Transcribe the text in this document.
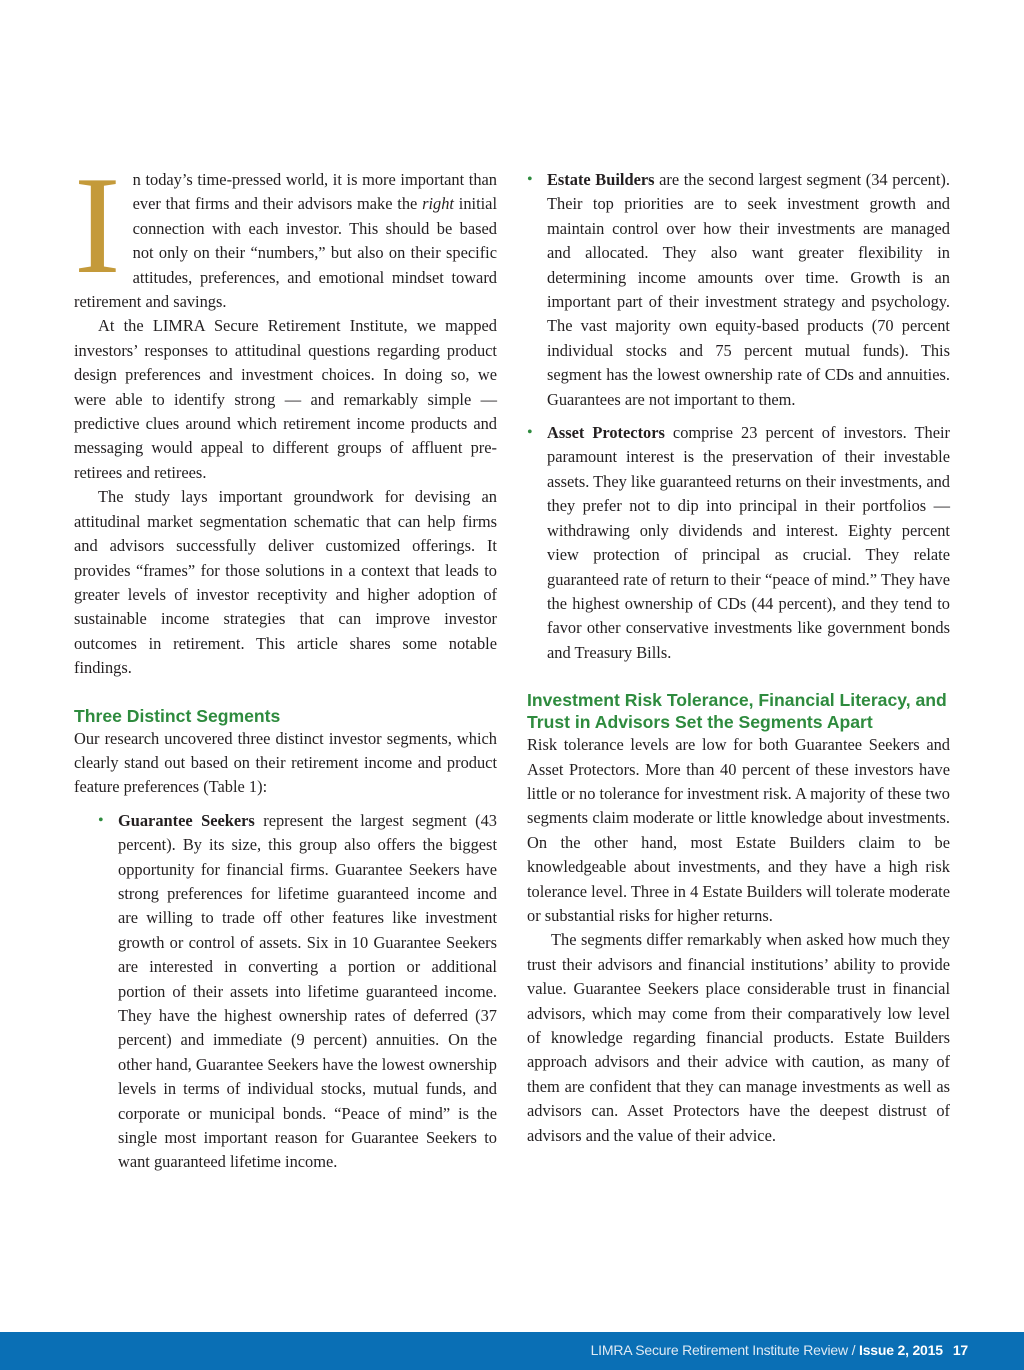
In today’s time-pressed world, it is more important than ever that firms and their advisors make the right initial connection with each investor. This should be based not only on their “numbers,” but also on their specific attitudes, preferences, and emotional mindset toward retirement and savings.

At the LIMRA Secure Retirement Institute, we mapped investors’ responses to attitudinal questions regarding product design preferences and investment choices. In doing so, we were able to identify strong — and remarkably simple — predictive clues around which retirement income products and messaging would appeal to different groups of affluent pre-retirees and retirees.

The study lays important groundwork for devising an attitudinal market segmentation schematic that can help firms and advisors successfully deliver customized offerings. It provides “frames” for those solutions in a context that leads to greater levels of investor receptivity and higher adoption of sustainable income strategies that can improve investor outcomes in retirement. This article shares some notable findings.

Three Distinct Segments

Our research uncovered three distinct investor segments, which clearly stand out based on their retirement income and product feature preferences (Table 1):

• Guarantee Seekers represent the largest segment (43 percent). By its size, this group also offers the biggest opportunity for financial firms. Guarantee Seekers have strong preferences for lifetime guaranteed income and are willing to trade off other features like investment growth or control of assets. Six in 10 Guarantee Seekers are interested in converting a portion or additional portion of their assets into lifetime guaranteed income. They have the highest ownership rates of deferred (37 percent) and immediate (9 percent) annuities. On the other hand, Guarantee Seekers have the lowest ownership levels in terms of individual stocks, mutual funds, and corporate or municipal bonds. “Peace of mind” is the single most important reason for Guarantee Seekers to want guaranteed lifetime income.

• Estate Builders are the second largest segment (34 percent). Their top priorities are to seek investment growth and maintain control over how their investments are managed and allocated. They also want greater flexibility in determining income amounts over time. Growth is an important part of their investment strategy and psychology. The vast majority own equity-based products (70 percent individual stocks and 75 percent mutual funds). This segment has the lowest ownership rate of CDs and annuities. Guarantees are not important to them.

• Asset Protectors comprise 23 percent of investors. Their paramount interest is the preservation of their investable assets. They like guaranteed returns on their investments, and they prefer not to dip into principal in their portfolios — withdrawing only dividends and interest. Eighty percent view protection of principal as crucial. They relate guaranteed rate of return to their “peace of mind.” They have the highest ownership of CDs (44 percent), and they tend to favor other conservative investments like government bonds and Treasury Bills.

Investment Risk Tolerance, Financial Literacy, and Trust in Advisors Set the Segments Apart

Risk tolerance levels are low for both Guarantee Seekers and Asset Protectors. More than 40 percent of these investors have little or no tolerance for investment risk. A majority of these two segments claim moderate or little knowledge about investments. On the other hand, most Estate Builders claim to be knowledgeable about investments, and they have a high risk tolerance level. Three in 4 Estate Builders will tolerate moderate or substantial risks for higher returns.

The segments differ remarkably when asked how much they trust their advisors and financial institutions’ ability to provide value. Guarantee Seekers place considerable trust in financial advisors, which may come from their comparatively low level of knowledge regarding financial products. Estate Builders approach advisors and their advice with caution, as many of them are confident that they can manage investments as well as advisors can. Asset Protectors have the deepest distrust of advisors and the value of their advice.

LIMRA Secure Retirement Institute Review / Issue 2, 2015 17
